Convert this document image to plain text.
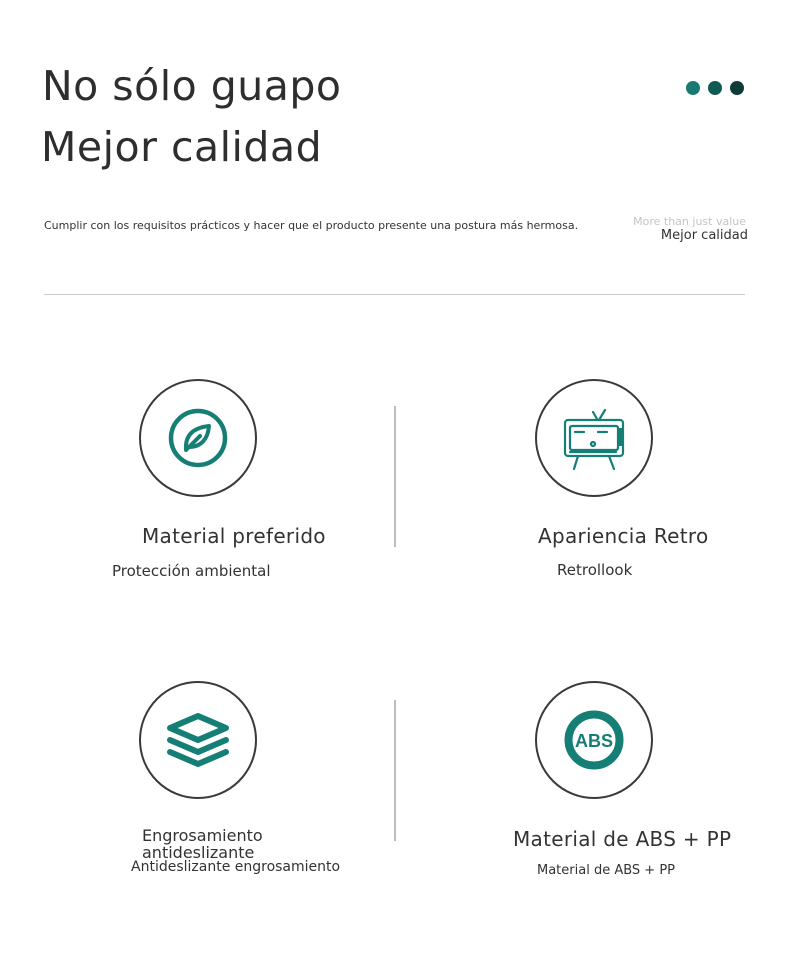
No sólo guapo
Mejor calidad
Cumplir con los requisitos prácticos y hacer que el producto presente una postura más hermosa.	More than just value
Mejor calidad
Material preferido
Protección ambiental
Apariencia Retro
Retrollook
Engrosamiento
antideslizante
Antideslizante engrosamiento
ABS
Material de ABS + PP
Material de ABS + PP
